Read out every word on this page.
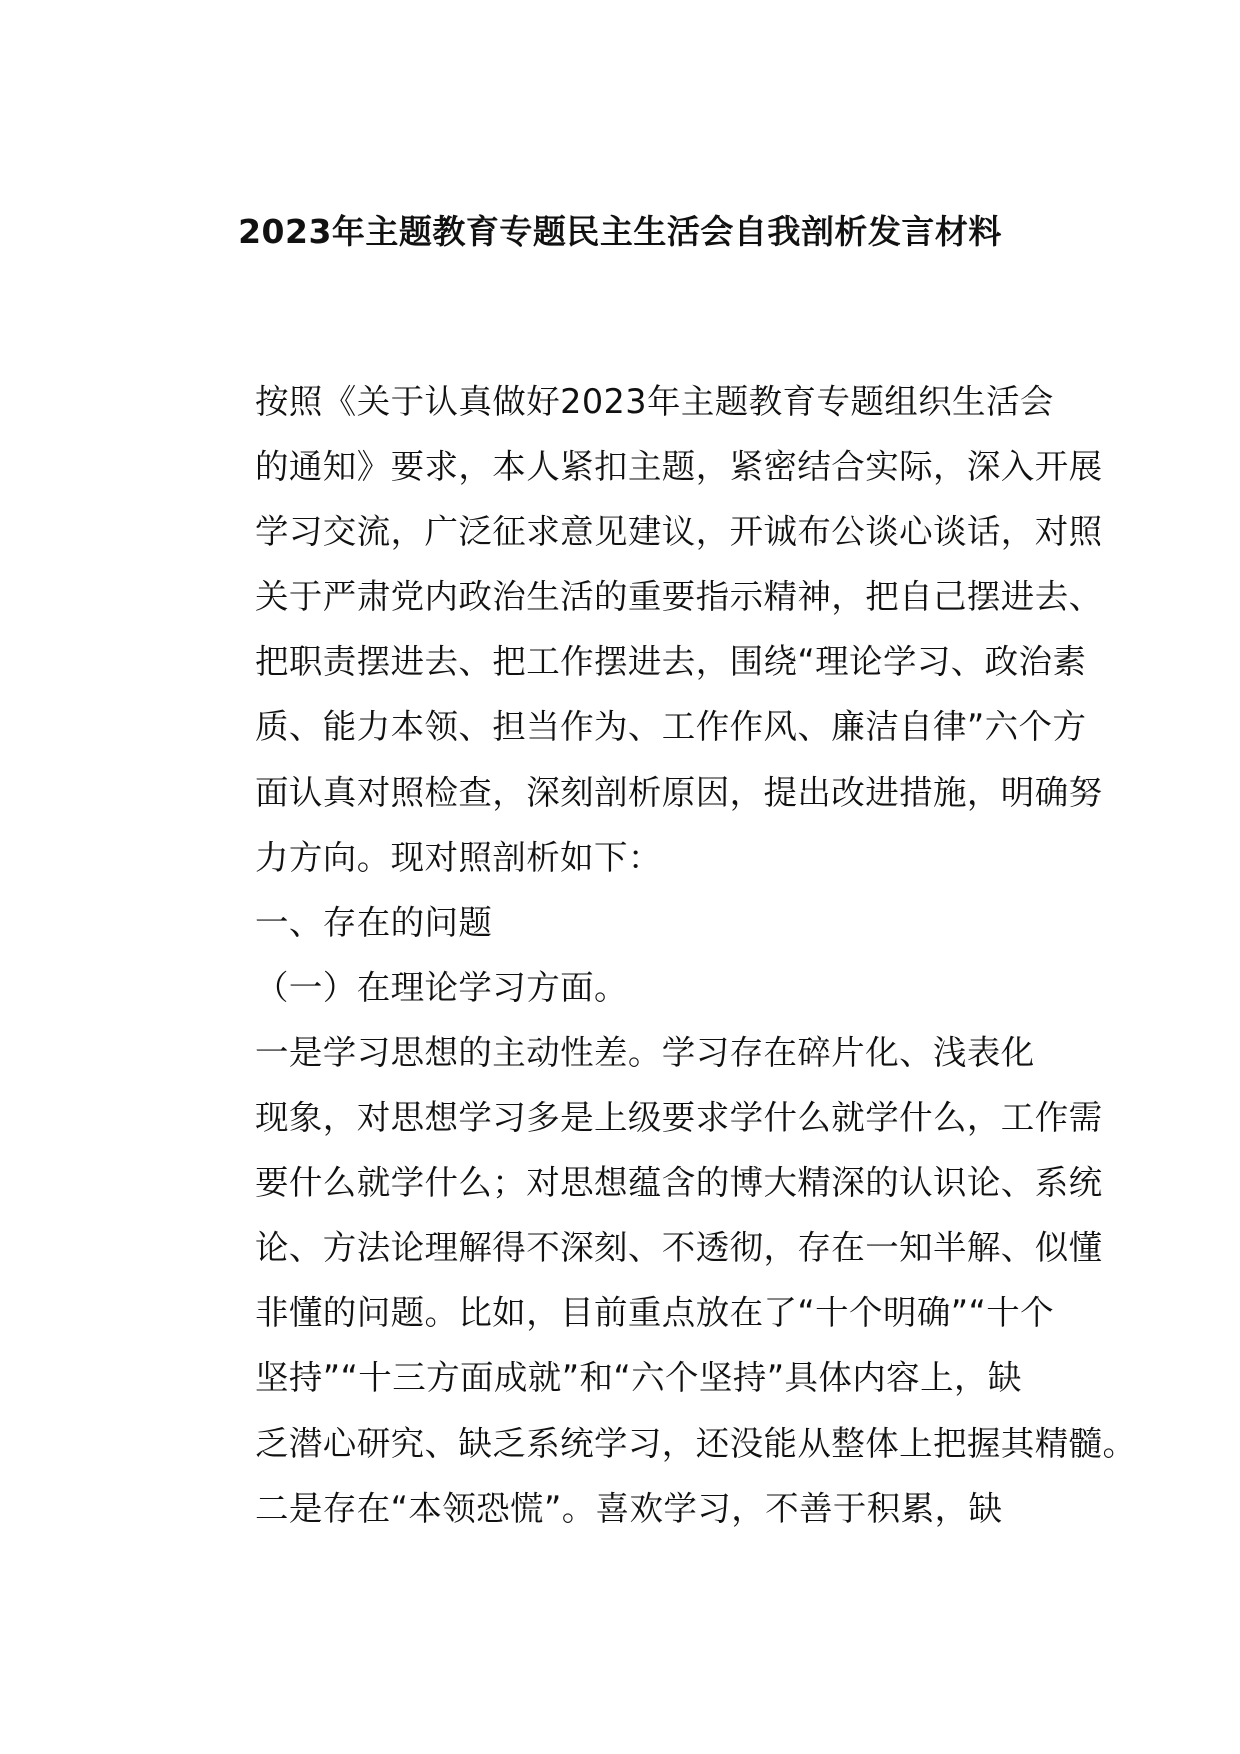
2023年主题教育专题民主生活会自我剖析发言材料

按照《关于认真做好2023年主题教育专题组织生活会
的通知》要求，本人紧扣主题，紧密结合实际，深入开展
学习交流，广泛征求意见建议，开诚布公谈心谈话，对照
关于严肃党内政治生活的重要指示精神，把自己摆进去、
把职责摆进去、把工作摆进去，围绕“理论学习、政治素
质、能力本领、担当作为、工作作风、廉洁自律”六个方
面认真对照检查，深刻剖析原因，提出改进措施，明确努
力方向。现对照剖析如下：

一、存在的问题

（一）在理论学习方面。

一是学习思想的主动性差。学习存在碎片化、浅表化
现象，对思想学习多是上级要求学什么就学什么，工作需
要什么就学什么；对思想蕴含的博大精深的认识论、系统
论、方法论理解得不深刻、不透彻，存在一知半解、似懂
非懂的问题。比如，目前重点放在了“十个明确”“十个
坚持”“十三方面成就”和“六个坚持”具体内容上，缺
乏潜心研究、缺乏系统学习，还没能从整体上把握其精髓。

二是存在“本领恐慌”。喜欢学习，不善于积累，缺
